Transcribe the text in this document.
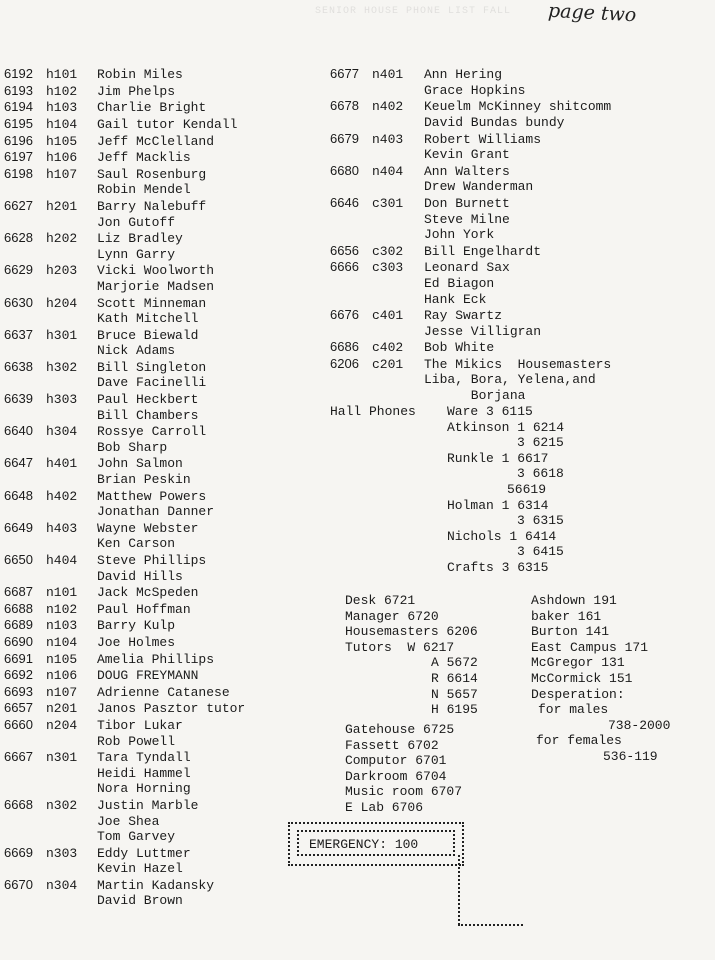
SENIOR HOUSE PHONE LIST FALL page two

6192 h101 Robin Miles
6193 h102 Jim Phelps
6194 h103 Charlie Bright
6195 h104 Gail tutor Kendall
6196 h105 Jeff McClelland
6197 h106 Jeff Macklis
6198 h107 Saul Rosenburg
Robin Mendel
6627 h201 Barry Nalebuff
Jon Gutoff
6628 h202 Liz Bradley
Lynn Garry
6629 h203 Vicki Woolworth
Marjorie Madsen
6630 h204 Scott Minneman
Kath Mitchell
6637 h301 Bruce Biewald
Nick Adams
6638 h302 Bill Singleton
Dave Facinelli
6639 h303 Paul Heckbert
Bill Chambers
6640 h304 Rossye Carroll
Bob Sharp
6647 h401 John Salmon
Brian Peskin
6648 h402 Matthew Powers
Jonathan Danner
6649 h403 Wayne Webster
Ken Carson
6650 h404 Steve Phillips
David Hills
6687 n101 Jack McSpeden
6688 n102 Paul Hoffman
6689 n103 Barry Kulp
6690 n104 Joe Holmes
6691 n105 Amelia Phillips
6692 n106 DOUG FREYMANN
6693 n107 Adrienne Catanese
6657 n201 Janos Pasztor tutor
6660 n204 Tibor Lukar
Rob Powell
6667 n301 Tara Tyndall
Heidi Hammel
Nora Horning
6668 n302 Justin Marble
Joe Shea
Tom Garvey
6669 n303 Eddy Luttmer
Kevin Hazel
6670 n304 Martin Kadansky
David Brown

6677 n401 Ann Hering
Grace Hopkins
6678 n402 Keuelm McKinney shitcomm
David Bundas bundy
6679 n403 Robert Williams
Kevin Grant
6680 n404 Ann Walters
Drew Wanderman
6646 c301 Don Burnett
Steve Milne
John York
6656 c302 Bill Engelhardt
6666 c303 Leonard Sax
Ed Biagon
Hank Eck
6676 c401 Ray Swartz
Jesse Villigran
6686 c402 Bob White
6206 c201 The Mikics  Housemasters
Liba, Bora, Yelena,and
Borjana

Hall Phones Ware 3 6115
Atkinson 1 6214
3 6215
Runkle 1 6617
3 6618
56619
Holman 1 6314
3 6315
Nichols 1 6414
3 6415
Crafts 3 6315
Desk 6721
Manager 6720
Housemasters 6206
Tutors  W 6217
A 5672
R 6614
N 5657
H 6195
Ashdown 191
baker 161
Burton 141
East Campus 171
McGregor 131
McCormick 151
Desperation:
for males
738-2000
for females
536-119
Gatehouse 6725
Fassett 6702
Computor 6701
Darkroom 6704
Music room 6707
E Lab 6706
EMERGENCY: 100
